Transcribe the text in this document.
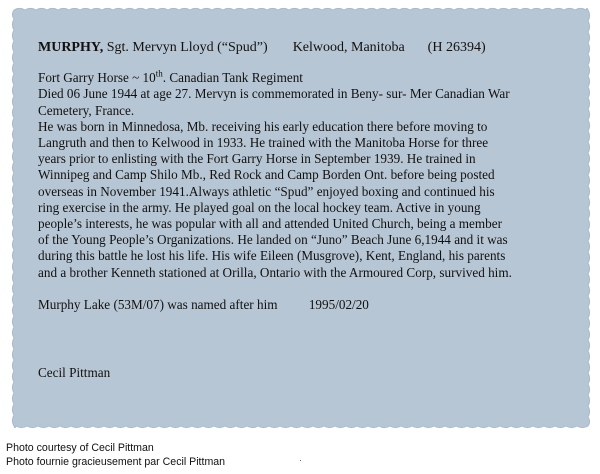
MURPHY, Sgt. Mervyn Lloyd (“Spud”) Kelwood, Manitoba (H 26394)

Fort Garry Horse ~ 10th. Canadian Tank Regiment

Died 06 June 1944 at age 27. Mervyn is commemorated in Beny- sur- Mer Canadian War

Cemetery, France.

He was born in Minnedosa, Mb. receiving his early education there before moving to

Langruth and then to Kelwood in 1933. He trained with the Manitoba Horse for three

years prior to enlisting with the Fort Garry Horse in September 1939. He trained in

Winnipeg and Camp Shilo Mb., Red Rock and Camp Borden Ont. before being posted

overseas in November 1941.Always athletic “Spud” enjoyed boxing and continued his

ring exercise in the army. He played goal on the local hockey team. Active in young

people’s interests, he was popular with all and attended United Church, being a member

of the Young People’s Organizations. He landed on “Juno” Beach June 6,1944 and it was

during this battle he lost his life. His wife Eileen (Musgrove), Kent, England, his parents

and a brother Kenneth stationed at Orilla, Ontario with the Armoured Corp, survived him.

Murphy Lake (53M/07) was named after him 1995/02/20
Cecil Pittman
Photo courtesy of Cecil Pittman
Photo fournie gracieusement par Cecil Pittman
